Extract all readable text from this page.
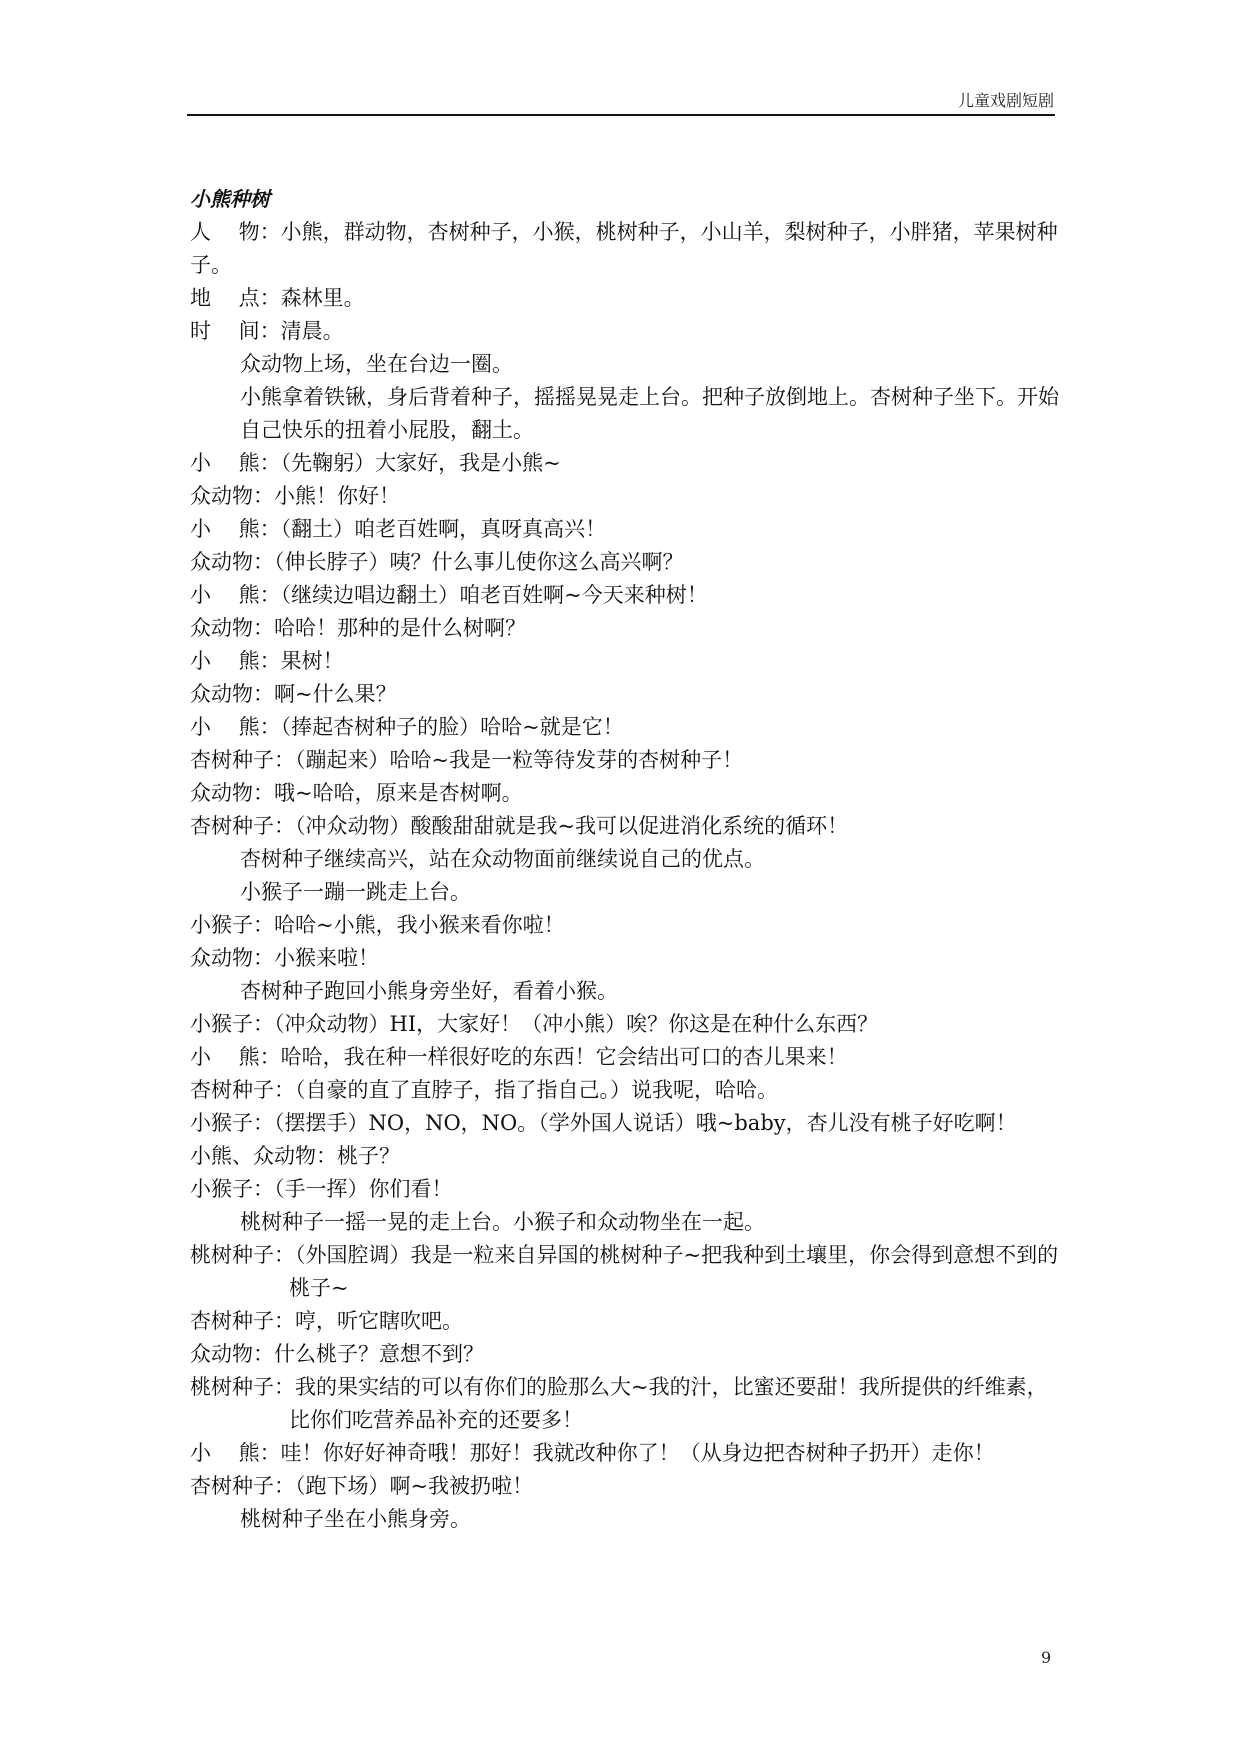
儿童戏剧短剧
小熊种树
人　 物：小熊，群动物，杏树种子，小猴，桃树种子，小山羊，梨树种子，小胖猪，苹果树种子。
地　 点：森林里。
时　 间：清晨。
众动物上场，坐在台边一圈。
小熊拿着铁锹，身后背着种子，摇摇晃晃走上台。把种子放倒地上。杏树种子坐下。开始自己快乐的扭着小屁股，翻土。
小　 熊：（先鞠躬）大家好，我是小熊~
众动物：小熊！你好！
小　 熊：（翻土）咱老百姓啊，真呀真高兴！
众动物：（伸长脖子）咦？什么事儿使你这么高兴啊？
小　 熊：（继续边唱边翻土）咱老百姓啊~今天来种树！
众动物：哈哈！那种的是什么树啊？
小　 熊：果树！
众动物：啊~什么果？
小　 熊：（捧起杏树种子的脸）哈哈~就是它！
杏树种子：（蹦起来）哈哈~我是一粒等待发芽的杏树种子！
众动物：哦~哈哈，原来是杏树啊。
杏树种子：（冲众动物）酸酸甜甜就是我~我可以促进消化系统的循环！
杏树种子继续高兴，站在众动物面前继续说自己的优点。
小猴子一蹦一跳走上台。
小猴子：哈哈~小熊，我小猴来看你啦！
众动物：小猴来啦！
杏树种子跑回小熊身旁坐好，看着小猴。
小猴子：（冲众动物）HI，大家好！（冲小熊）唉？你这是在种什么东西？
小　 熊：哈哈，我在种一样很好吃的东西！它会结出可口的杏儿果来！
杏树种子：（自豪的直了直脖子，指了指自己。）说我呢，哈哈。
小猴子：（摆摆手）NO，NO，NO。（学外国人说话）哦~baby，杏儿没有桃子好吃啊！
小熊、众动物：桃子？
小猴子：（手一挥）你们看！
桃树种子一摇一晃的走上台。小猴子和众动物坐在一起。
桃树种子：（外国腔调）我是一粒来自异国的桃树种子~把我种到土壤里，你会得到意想不到的桃子~
杏树种子：哼，听它瞎吹吧。
众动物：什么桃子？意想不到？
桃树种子：我的果实结的可以有你们的脸那么大~我的汁，比蜜还要甜！我所提供的纤维素，比你们吃营养品补充的还要多！
小　 熊：哇！你好好神奇哦！那好！我就改种你了！（从身边把杏树种子扔开）走你！
杏树种子：（跑下场）啊~我被扔啦！
桃树种子坐在小熊身旁。
9
